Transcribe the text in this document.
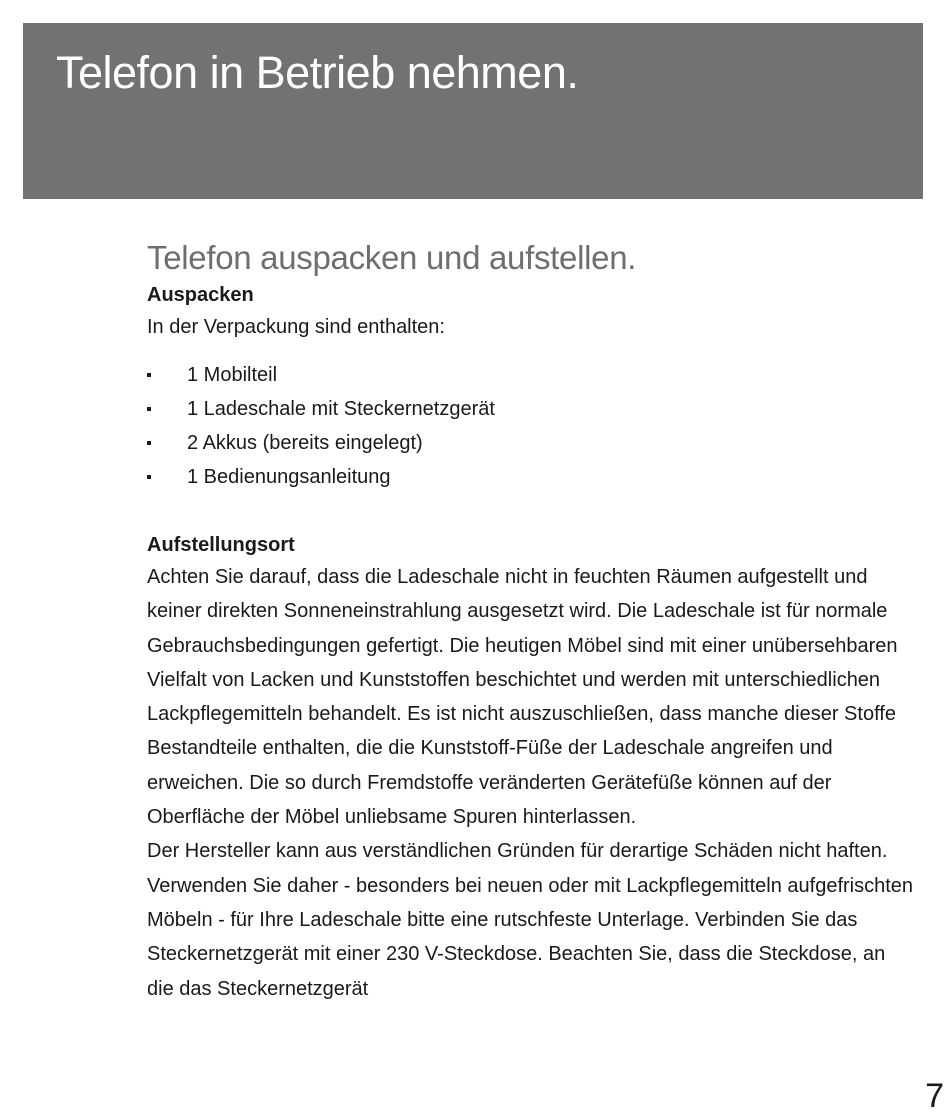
Telefon in Betrieb nehmen.
Telefon auspacken und aufstellen.
Auspacken

In der Verpackung sind enthalten:

1 Mobilteil
1 Ladeschale mit Steckernetzgerät
2 Akkus (bereits eingelegt)
1 Bedienungsanleitung
Aufstellungsort

Achten Sie darauf, dass die Ladeschale nicht in feuchten Räumen aufgestellt und keiner direkten Sonneneinstrahlung ausgesetzt wird. Die Ladeschale ist für normale Gebrauchsbedingungen gefertigt. Die heutigen Möbel sind mit einer unübersehbaren Vielfalt von Lacken und Kunststoffen beschichtet und werden mit unterschiedlichen Lackpflegemitteln behandelt. Es ist nicht auszuschließen, dass manche dieser Stoffe Bestandteile enthalten, die die Kunststoff-Füße der Ladeschale angreifen und erweichen. Die so durch Fremdstoffe veränderten Gerätefüße können auf der Oberfläche der Möbel unliebsame Spuren hinterlassen.

Der Hersteller kann aus verständlichen Gründen für derartige Schäden nicht haften. Verwenden Sie daher - besonders bei neuen oder mit Lackpflegemitteln aufgefrischten Möbeln - für Ihre Ladeschale bitte eine rutschfeste Unterlage. Verbinden Sie das Steckernetzgerät mit einer 230 V-Steckdose. Beachten Sie, dass die Steckdose, an die das Steckernetzgerät

7
